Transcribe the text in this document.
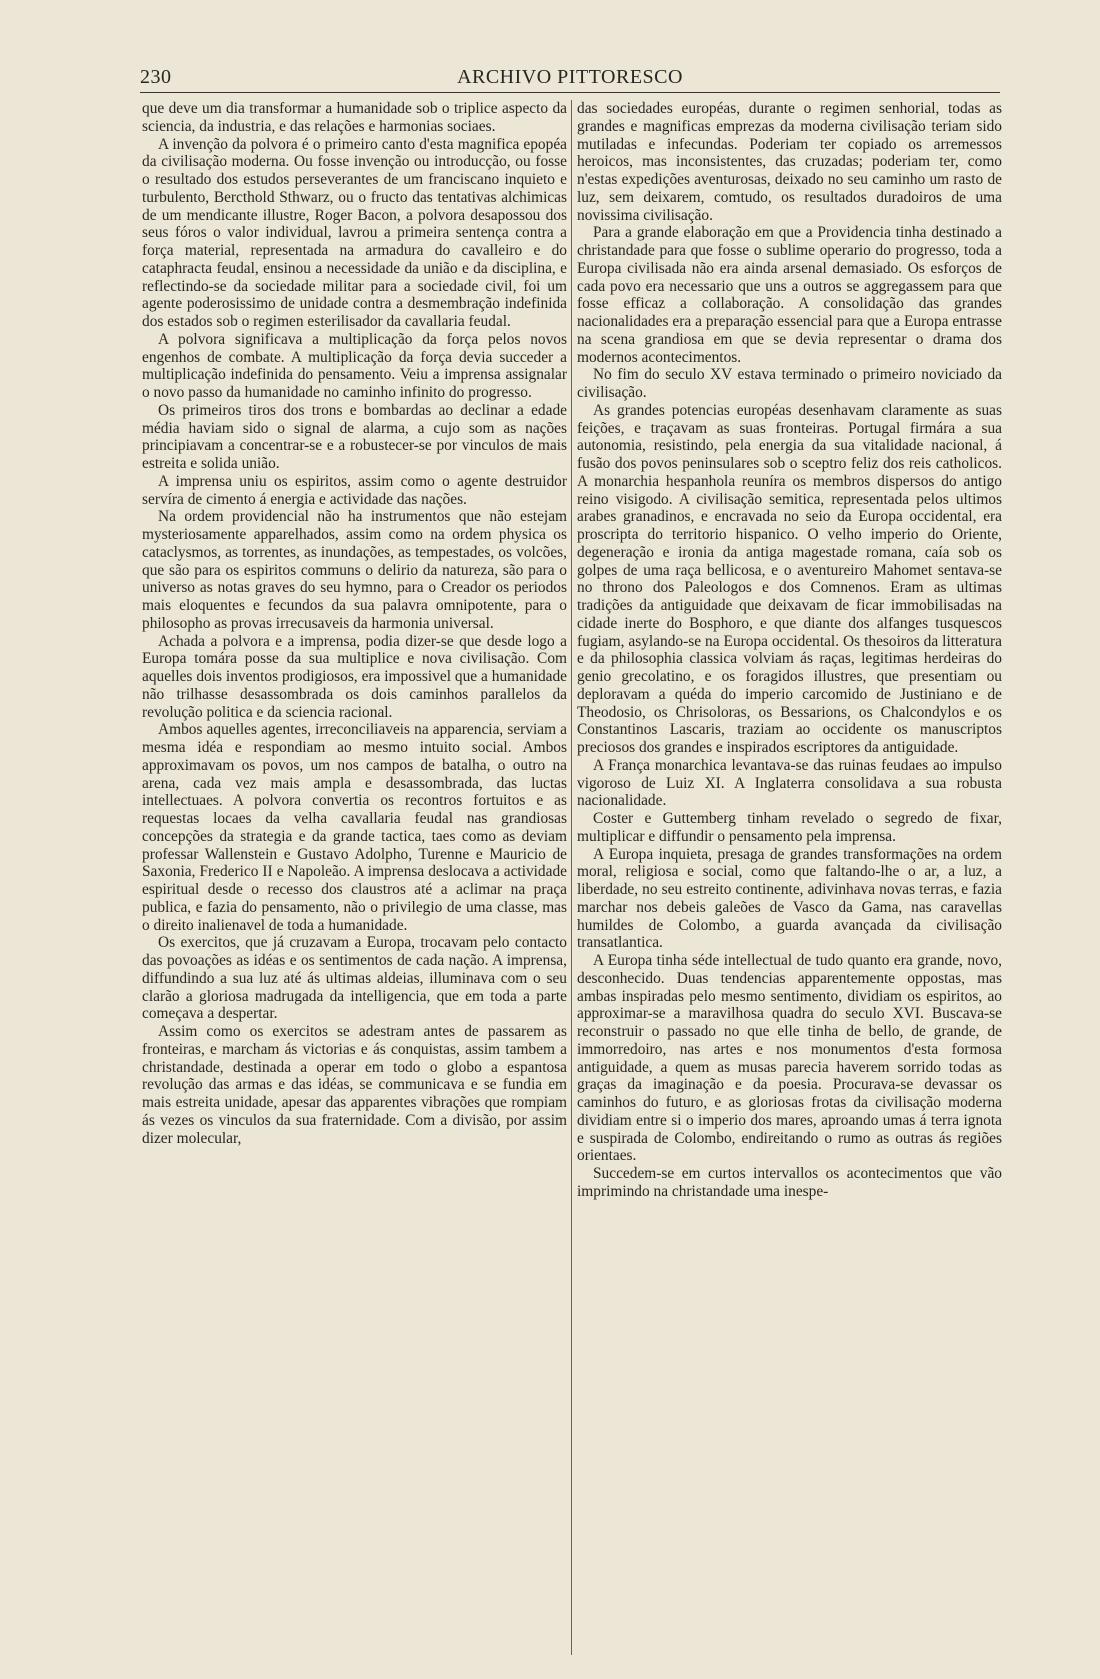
230	ARCHIVO PITTORESCO

que deve um dia transformar a humanidade sob o triplice aspecto da sciencia, da industria, e das relações e harmonias sociaes.

A invenção da polvora é o primeiro canto d'esta magnifica epopéa da civilisação moderna. Ou fosse invenção ou introducção, ou fosse o resultado dos estudos perseverantes de um franciscano inquieto e turbulento, Bercthold Sthwarz, ou o fructo das tentativas alchimicas de um mendicante illustre, Roger Bacon, a polvora desapossou dos seus fóros o valor individual, lavrou a primeira sentença contra a força material, representada na armadura do cavalleiro e do cataphracta feudal, ensinou a necessidade da união e da disciplina, e reflectindo-se da sociedade militar para a sociedade civil, foi um agente poderosissimo de unidade contra a desmembração indefinida dos estados sob o regimen esterilisador da cavallaria feudal.

A polvora significava a multiplicação da força pelos novos engenhos de combate. A multiplicação da força devia succeder a multiplicação indefinida do pensamento. Veiu a imprensa assignalar o novo passo da humanidade no caminho infinito do progresso.

Os primeiros tiros dos trons e bombardas ao declinar a edade média haviam sido o signal de alarma, a cujo som as nações principiavam a concentrar-se e a robustecer-se por vinculos de mais estreita e solida união.

A imprensa uniu os espiritos, assim como o agente destruidor servíra de cimento á energia e actividade das nações.

Na ordem providencial não ha instrumentos que não estejam mysteriosamente apparelhados, assim como na ordem physica os cataclysmos, as torrentes, as inundações, as tempestades, os volcões, que são para os espiritos communs o delirio da natureza, são para o universo as notas graves do seu hymno, para o Creador os periodos mais eloquentes e fecundos da sua palavra omnipotente, para o philosopho as provas irrecusaveis da harmonia universal.

Achada a polvora e a imprensa, podia dizer-se que desde logo a Europa tomára posse da sua multiplice e nova civilisação. Com aquelles dois inventos prodigiosos, era impossivel que a humanidade não trilhasse desassombrada os dois caminhos parallelos da revolução politica e da sciencia racional.

Ambos aquelles agentes, irreconciliaveis na apparencia, serviam a mesma idéa e respondiam ao mesmo intuito social. Ambos approximavam os povos, um nos campos de batalha, o outro na arena, cada vez mais ampla e desassombrada, das luctas intellectuaes. A polvora convertia os recontros fortuitos e as requestas locaes da velha cavallaria feudal nas grandiosas concepções da strategia e da grande tactica, taes como as deviam professar Wallenstein e Gustavo Adolpho, Turenne e Mauricio de Saxonia, Frederico II e Napoleão. A imprensa deslocava a actividade espiritual desde o recesso dos claustros até a aclimar na praça publica, e fazia do pensamento, não o privilegio de uma classe, mas o direito inalienavel de toda a humanidade.

Os exercitos, que já cruzavam a Europa, trocavam pelo contacto das povoações as idéas e os sentimentos de cada nação. A imprensa, diffundindo a sua luz até ás ultimas aldeias, illuminava com o seu clarão a gloriosa madrugada da intelligencia, que em toda a parte começava a despertar.

Assim como os exercitos se adestram antes de passarem as fronteiras, e marcham ás victorias e ás conquistas, assim tambem a christandade, destinada a operar em todo o globo a espantosa revolução das armas e das idéas, se communicava e se fundia em mais estreita unidade, apesar das apparentes vibrações que rompiam ás vezes os vinculos da sua fraternidade. Com a divisão, por assim dizer molecular,

das sociedades européas, durante o regimen senhorial, todas as grandes e magnificas emprezas da moderna civilisação teriam sido mutiladas e infecundas. Poderiam ter copiado os arremessos heroicos, mas inconsistentes, das cruzadas; poderiam ter, como n'estas expedições aventurosas, deixado no seu caminho um rasto de luz, sem deixarem, comtudo, os resultados duradoiros de uma novissima civilisação.

Para a grande elaboração em que a Providencia tinha destinado a christandade para que fosse o sublime operario do progresso, toda a Europa civilisada não era ainda arsenal demasiado. Os esforços de cada povo era necessario que uns a outros se aggregassem para que fosse efficaz a collaboração. A consolidação das grandes nacionalidades era a preparação essencial para que a Europa entrasse na scena grandiosa em que se devia representar o drama dos modernos acontecimentos.

No fim do seculo XV estava terminado o primeiro noviciado da civilisação.

As grandes potencias européas desenhavam claramente as suas feições, e traçavam as suas fronteiras. Portugal firmára a sua autonomia, resistindo, pela energia da sua vitalidade nacional, á fusão dos povos peninsulares sob o sceptro feliz dos reis catholicos. A monarchia hespanhola reuníra os membros dispersos do antigo reino visigodo. A civilisação semitica, representada pelos ultimos arabes granadinos, e encravada no seio da Europa occidental, era proscripta do territorio hispanico. O velho imperio do Oriente, degeneração e ironia da antiga magestade romana, caía sob os golpes de uma raça bellicosa, e o aventureiro Mahomet sentava-se no throno dos Paleologos e dos Comnenos. Eram as ultimas tradições da antiguidade que deixavam de ficar immobilisadas na cidade inerte do Bosphoro, e que diante dos alfanges tusquescos fugiam, asylando-se na Europa occidental. Os thesoiros da litteratura e da philosophia classica volviam ás raças, legitimas herdeiras do genio grecolatino, e os foragidos illustres, que presentiam ou deploravam a quéda do imperio carcomido de Justiniano e de Theodosio, os Chrisoloras, os Bessarions, os Chalcondylos e os Constantinos Lascaris, traziam ao occidente os manuscriptos preciosos dos grandes e inspirados escriptores da antiguidade.

A França monarchica levantava-se das ruinas feudaes ao impulso vigoroso de Luiz XI. A Inglaterra consolidava a sua robusta nacionalidade.

Coster e Guttemberg tinham revelado o segredo de fixar, multiplicar e diffundir o pensamento pela imprensa.

A Europa inquieta, presaga de grandes transformações na ordem moral, religiosa e social, como que faltando-lhe o ar, a luz, a liberdade, no seu estreito continente, adivinhava novas terras, e fazia marchar nos debeis galeões de Vasco da Gama, nas caravellas humildes de Colombo, a guarda avançada da civilisação transatlantica.

A Europa tinha séde intellectual de tudo quanto era grande, novo, desconhecido. Duas tendencias apparentemente oppostas, mas ambas inspiradas pelo mesmo sentimento, dividiam os espiritos, ao approximar-se a maravilhosa quadra do seculo XVI. Buscava-se reconstruir o passado no que elle tinha de bello, de grande, de immorredoiro, nas artes e nos monumentos d'esta formosa antiguidade, a quem as musas parecia haverem sorrido todas as graças da imaginação e da poesia. Procurava-se devassar os caminhos do futuro, e as gloriosas frotas da civilisação moderna dividiam entre si o imperio dos mares, aproando umas á terra ignota e suspirada de Colombo, endireitando o rumo as outras ás regiões orientaes.

Succedem-se em curtos intervallos os acontecimentos que vão imprimindo na christandade uma inespe-
